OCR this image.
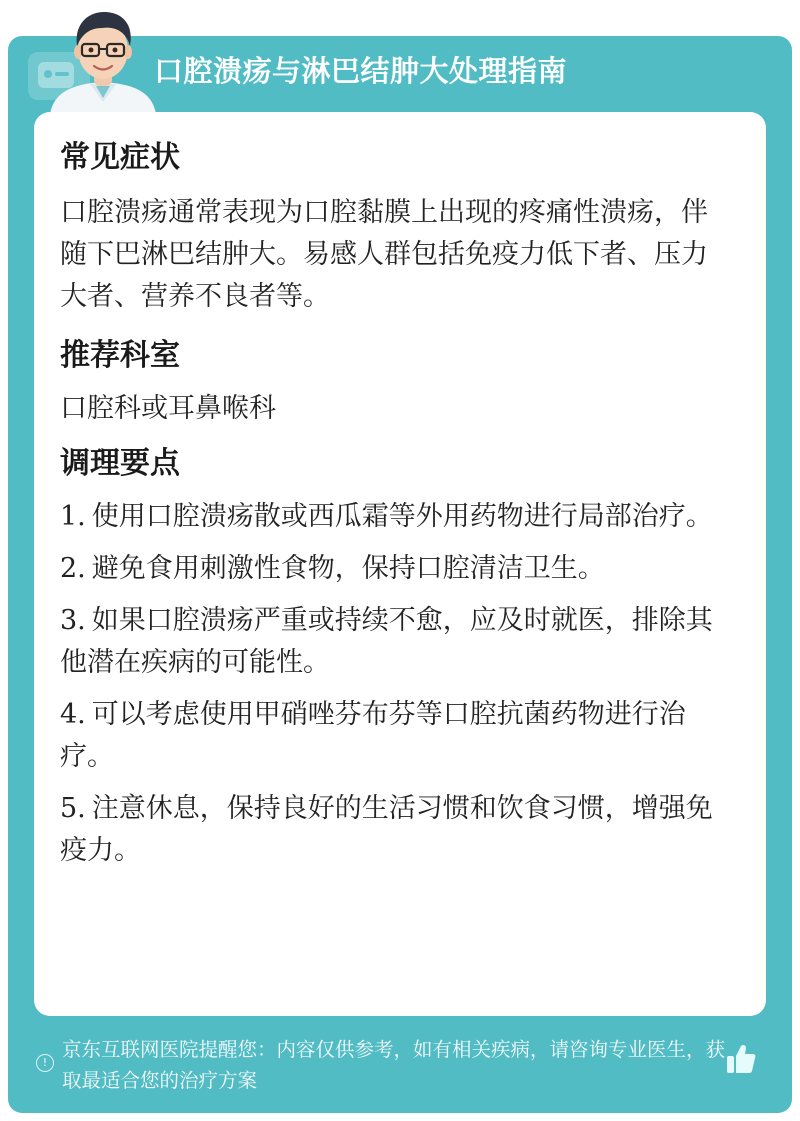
口腔溃疡与淋巴结肿大处理指南
常见症状

口腔溃疡通常表现为口腔黏膜上出现的疼痛性溃疡，伴随下巴淋巴结肿大。易感人群包括免疫力低下者、压力大者、营养不良者等。

推荐科室

口腔科或耳鼻喉科

调理要点
1. 使用口腔溃疡散或西瓜霜等外用药物进行局部治疗。
2. 避免食用刺激性食物，保持口腔清洁卫生。
3. 如果口腔溃疡严重或持续不愈，应及时就医，排除其他潜在疾病的可能性。
4. 可以考虑使用甲硝唑芬布芬等口腔抗菌药物进行治疗。
5. 注意休息，保持良好的生活习惯和饮食习惯，增强免疫力。
!
京东互联网医院提醒您：内容仅供参考，如有相关疾病，请咨询专业医生，获取最适合您的治疗方案
